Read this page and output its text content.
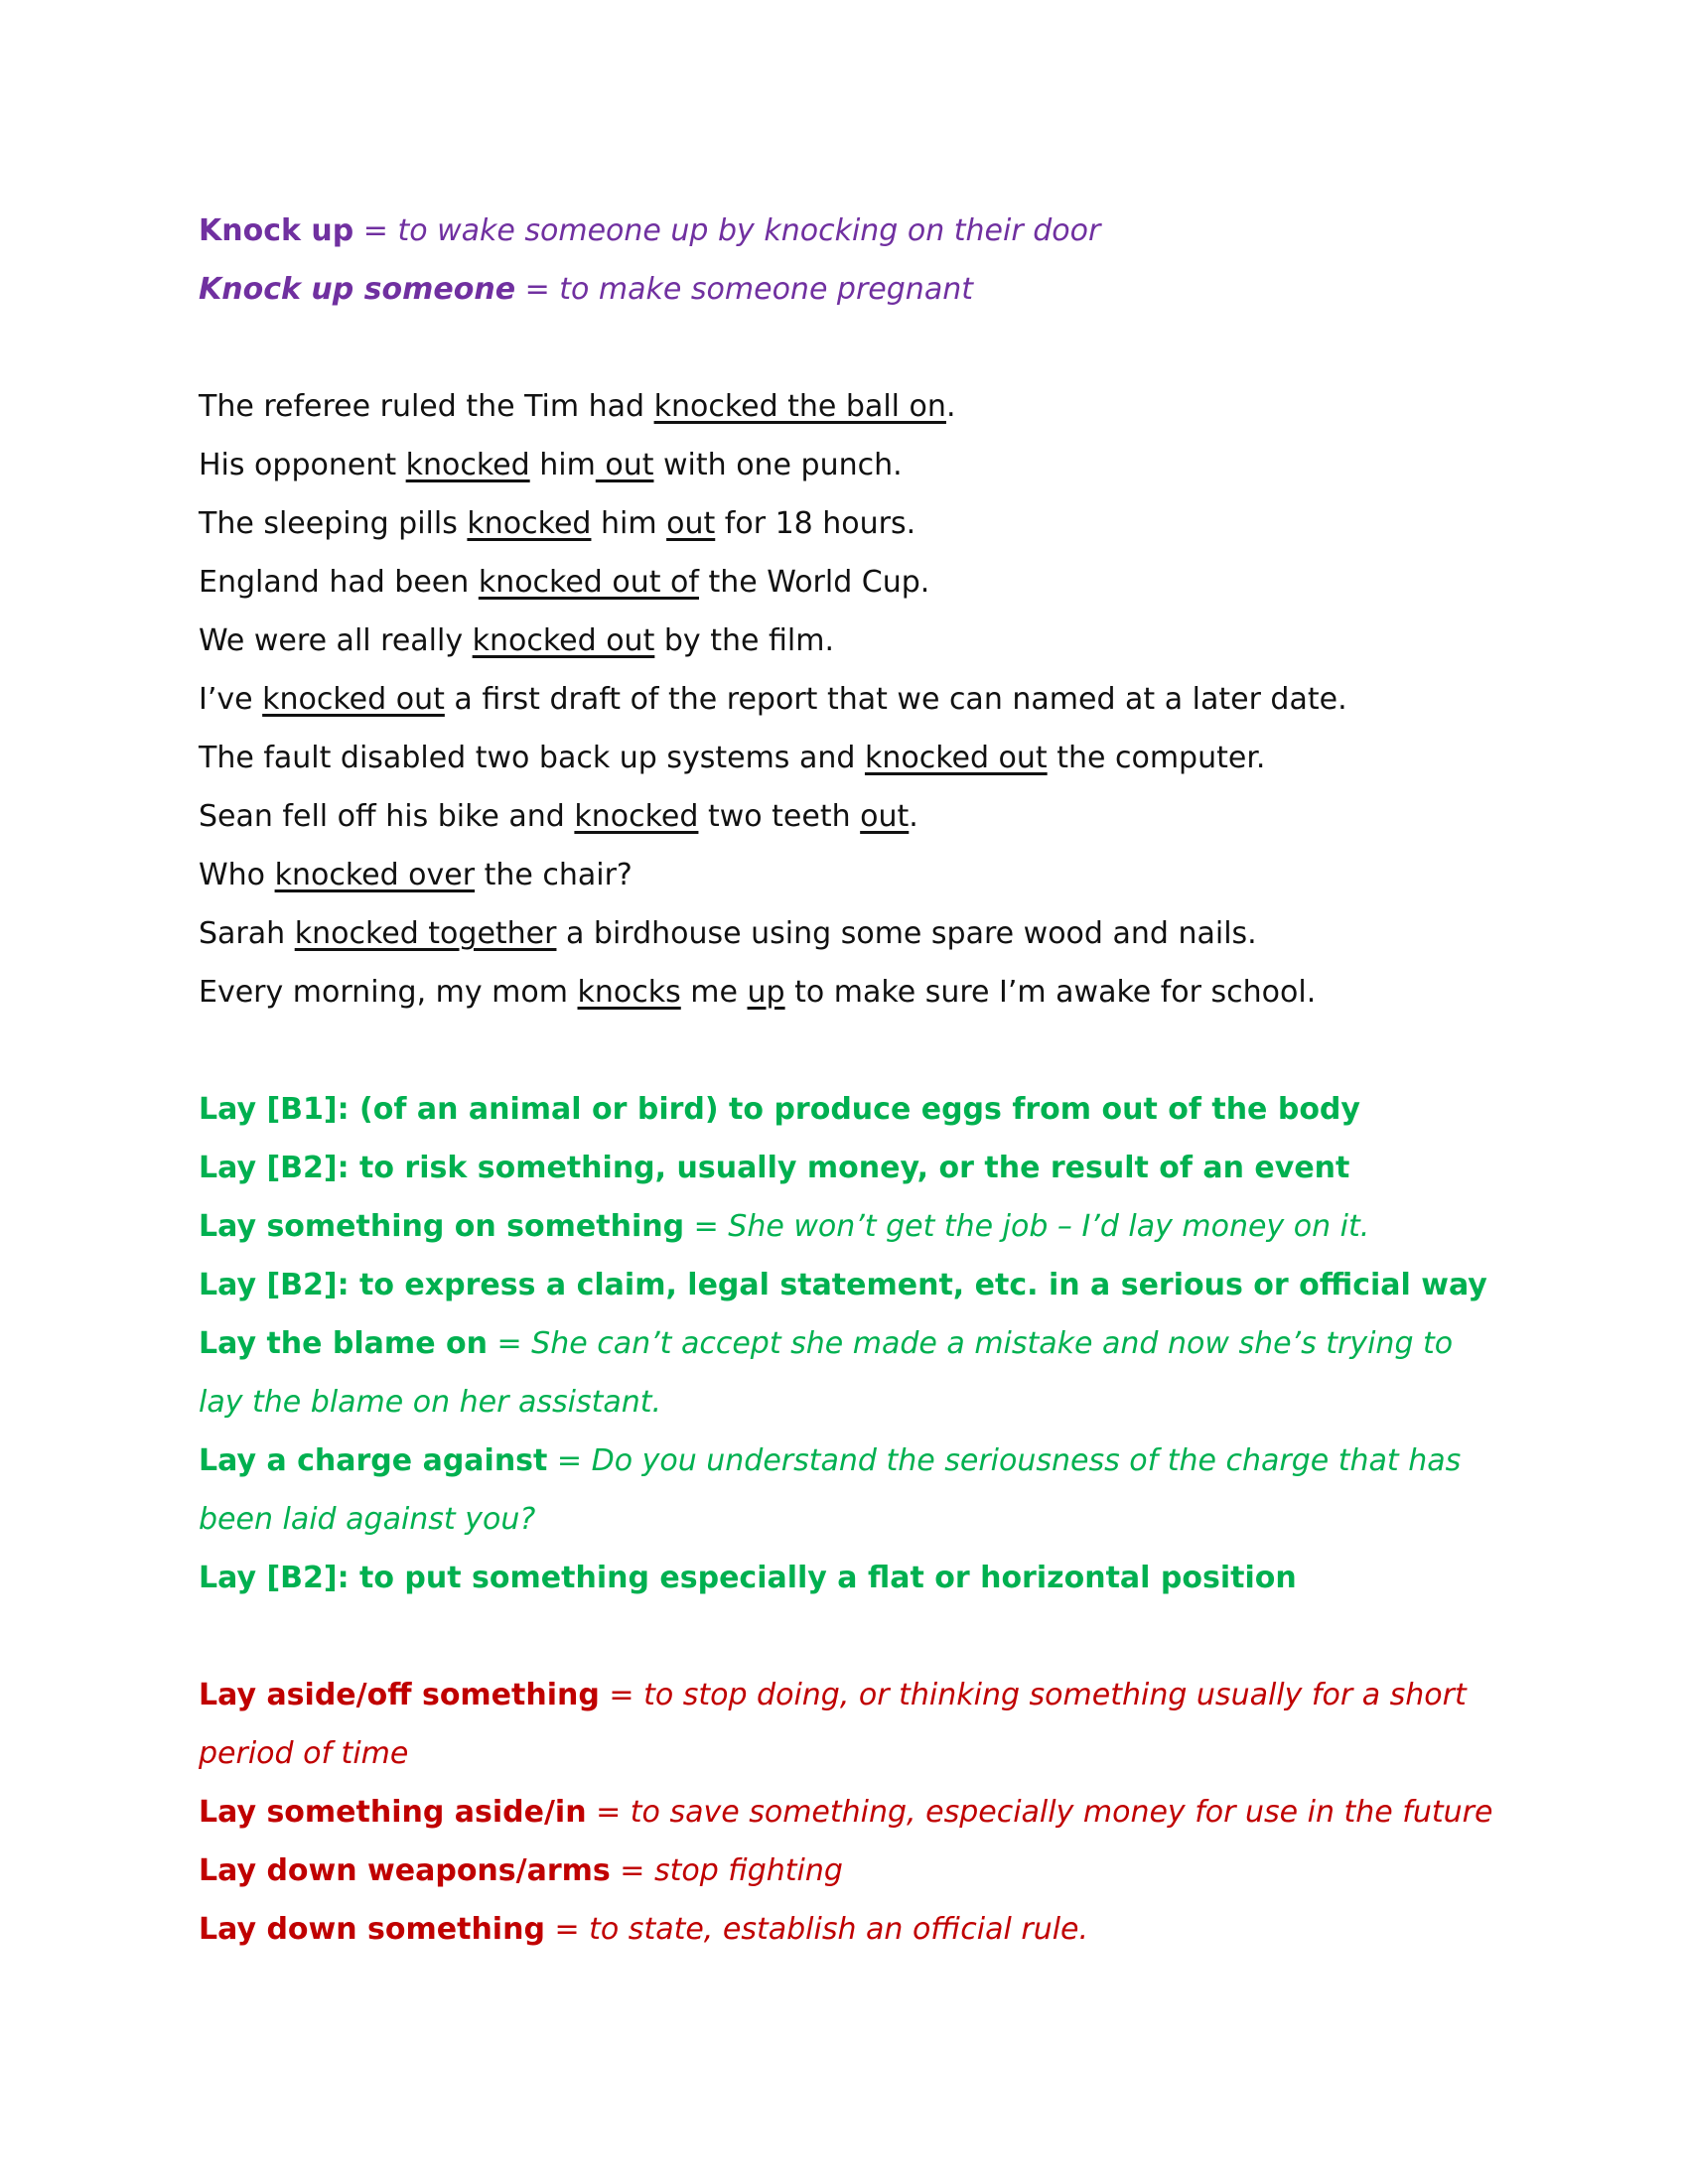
Knock up = to wake someone up by knocking on their door
Knock up someone = to make someone pregnant
The referee ruled the Tim had knocked the ball on.
His opponent knocked him out with one punch.
The sleeping pills knocked him out for 18 hours.
England had been knocked out of the World Cup.
We were all really knocked out by the film.
I’ve knocked out a first draft of the report that we can named at a later date.
The fault disabled two back up systems and knocked out the computer.
Sean fell off his bike and knocked two teeth out.
Who knocked over the chair?
Sarah knocked together a birdhouse using some spare wood and nails.
Every morning, my mom knocks me up to make sure I’m awake for school.
Lay [B1]: (of an animal or bird) to produce eggs from out of the body
Lay [B2]: to risk something, usually money, or the result of an event
Lay something on something = She won’t get the job – I’d lay money on it.
Lay [B2]: to express a claim, legal statement, etc. in a serious or official way
Lay the blame on = She can’t accept she made a mistake and now she’s trying to lay the blame on her assistant.
Lay a charge against = Do you understand the seriousness of the charge that has been laid against you?
Lay [B2]: to put something especially a flat or horizontal position
Lay aside/off something = to stop doing, or thinking something usually for a short period of time
Lay something aside/in = to save something, especially money for use in the future
Lay down weapons/arms = stop fighting
Lay down something = to state, establish an official rule.
